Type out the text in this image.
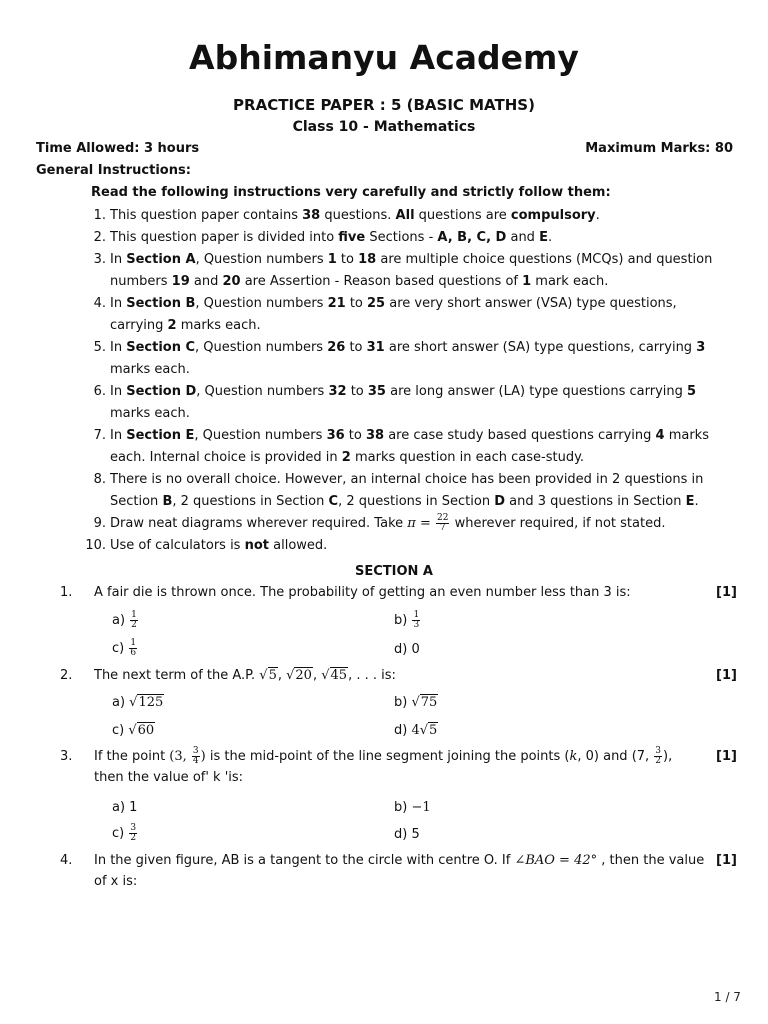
Abhimanyu Academy
PRACTICE PAPER : 5 (BASIC MATHS)
Class 10 - Mathematics
Time Allowed: 3 hours	Maximum Marks: 80
General Instructions:
Read the following instructions very carefully and strictly follow them:
1. This question paper contains 38 questions. All questions are compulsory.
2. This question paper is divided into five Sections - A, B, C, D and E.
3. In Section A, Question numbers 1 to 18 are multiple choice questions (MCQs) and question numbers 19 and 20 are Assertion - Reason based questions of 1 mark each.
4. In Section B, Question numbers 21 to 25 are very short answer (VSA) type questions, carrying 2 marks each.
5. In Section C, Question numbers 26 to 31 are short answer (SA) type questions, carrying 3 marks each.
6. In Section D, Question numbers 32 to 35 are long answer (LA) type questions carrying 5 marks each.
7. In Section E, Question numbers 36 to 38 are case study based questions carrying 4 marks each. Internal choice is provided in 2 marks question in each case-study.
8. There is no overall choice. However, an internal choice has been provided in 2 questions in Section B, 2 questions in Section C, 2 questions in Section D and 3 questions in Section E.
9. Draw neat diagrams wherever required. Take $\pi = \frac{22}{7}$ wherever required, if not stated.
10. Use of calculators is not allowed.
SECTION A
1. A fair die is thrown once. The probability of getting an even number less than 3 is:	[1]
$a) \frac{1}{2}$	$b) \frac{1}{3}$
$c) \frac{1}{6}$	d) 0
2. The next term of the A.P. √5, √20, √45, . . . is:	[1]
a) √125	b) √75
c) √60	d) 4√5
3. If the point (3, $\frac{3}{4}$ ) is the mid-point of the line segment joining the points (k, 0) and (7, $\frac{3}{2}$ ), then the value of' k 'is:
[1]
a) 1	b) −1
$c) \frac{3}{2}$	d) 5
4. In the given figure, AB is a tangent to the circle with centre O. If ∠BAO = 42° , then the value of x is:
[1]
1 / 7
